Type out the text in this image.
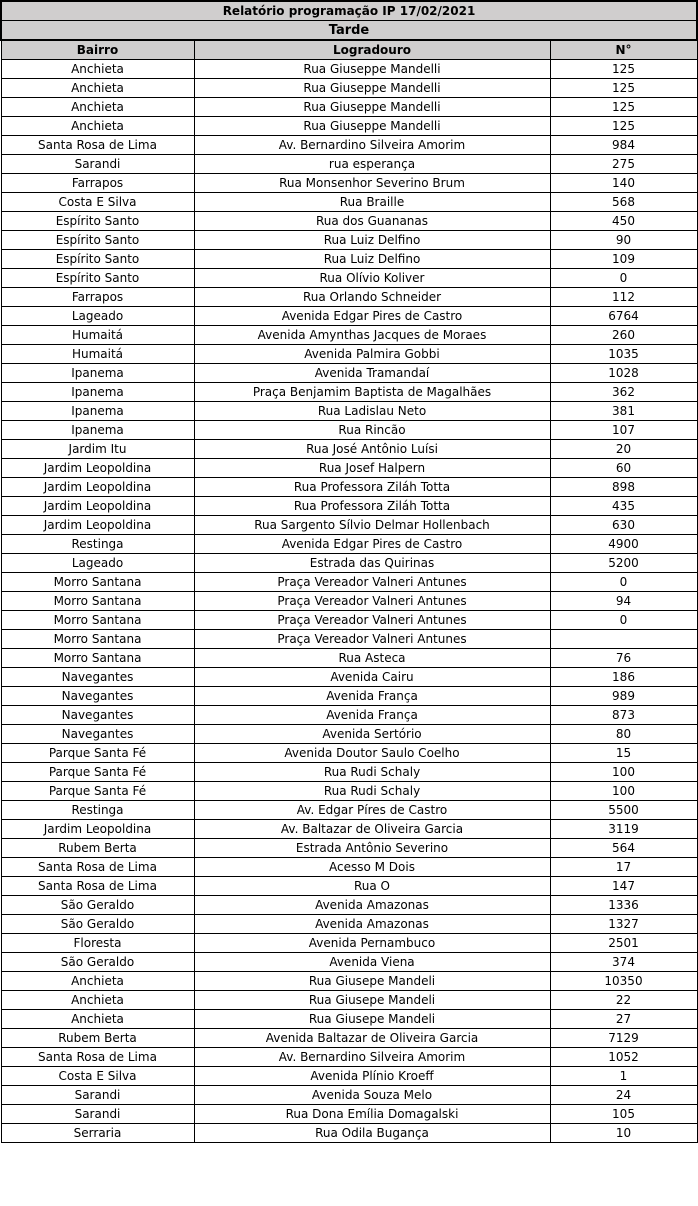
Relatório programação IP 17/02/2021		
Tarde		
Bairro	Logradouro	N°
Anchieta	Rua Giuseppe Mandelli	125
Anchieta	Rua Giuseppe Mandelli	125
Anchieta	Rua Giuseppe Mandelli	125
Anchieta	Rua Giuseppe Mandelli	125
Santa Rosa de Lima	Av. Bernardino Silveira Amorim	984
Sarandi	rua esperança	275
Farrapos	Rua Monsenhor Severino Brum	140
Costa E Silva	Rua Braille	568
Espírito Santo	Rua dos Guananas	450
Espírito Santo	Rua Luiz Delfino	90
Espírito Santo	Rua Luiz Delfino	109
Espírito Santo	Rua Olívio Koliver	0
Farrapos	Rua Orlando Schneider	112
Lageado	Avenida Edgar Pires de Castro	6764
Humaitá	Avenida Amynthas Jacques de Moraes	260
Humaitá	Avenida Palmira Gobbi	1035
Ipanema	Avenida Tramandaí	1028
Ipanema	Praça Benjamim Baptista de Magalhães	362
Ipanema	Rua Ladislau Neto	381
Ipanema	Rua Rincão	107
Jardim Itu	Rua José Antônio Luísi	20
Jardim Leopoldina	Rua Josef Halpern	60
Jardim Leopoldina	Rua Professora Ziláh Totta	898
Jardim Leopoldina	Rua Professora Ziláh Totta	435
Jardim Leopoldina	Rua Sargento Sílvio Delmar Hollenbach	630
Restinga	Avenida Edgar Pires de Castro	4900
Lageado	Estrada das Quirinas	5200
Morro Santana	Praça Vereador Valneri Antunes	0
Morro Santana	Praça Vereador Valneri Antunes	94
Morro Santana	Praça Vereador Valneri Antunes	0
Morro Santana	Praça Vereador Valneri Antunes	
Morro Santana	Rua Asteca	76
Navegantes	Avenida Cairu	186
Navegantes	Avenida França	989
Navegantes	Avenida França	873
Navegantes	Avenida Sertório	80
Parque Santa Fé	Avenida Doutor Saulo Coelho	15
Parque Santa Fé	Rua Rudi Schaly	100
Parque Santa Fé	Rua Rudi Schaly	100
Restinga	Av. Edgar Píres de Castro	5500
Jardim Leopoldina	Av. Baltazar de Oliveira Garcia	3119
Rubem Berta	Estrada Antônio Severino	564
Santa Rosa de Lima	Acesso M Dois	17
Santa Rosa de Lima	Rua O	147
São Geraldo	Avenida Amazonas	1336
São Geraldo	Avenida Amazonas	1327
Floresta	Avenida Pernambuco	2501
São Geraldo	Avenida Viena	374
Anchieta	Rua Giusepe Mandeli	10350
Anchieta	Rua Giusepe Mandeli	22
Anchieta	Rua Giusepe Mandeli	27
Rubem Berta	Avenida Baltazar de Oliveira Garcia	7129
Santa Rosa de Lima	Av. Bernardino Silveira Amorim	1052
Costa E Silva	Avenida Plínio Kroeff	1
Sarandi	Avenida Souza Melo	24
Sarandi	Rua Dona Emília Domagalski	105
Serraria	Rua Odila Bugança	10
